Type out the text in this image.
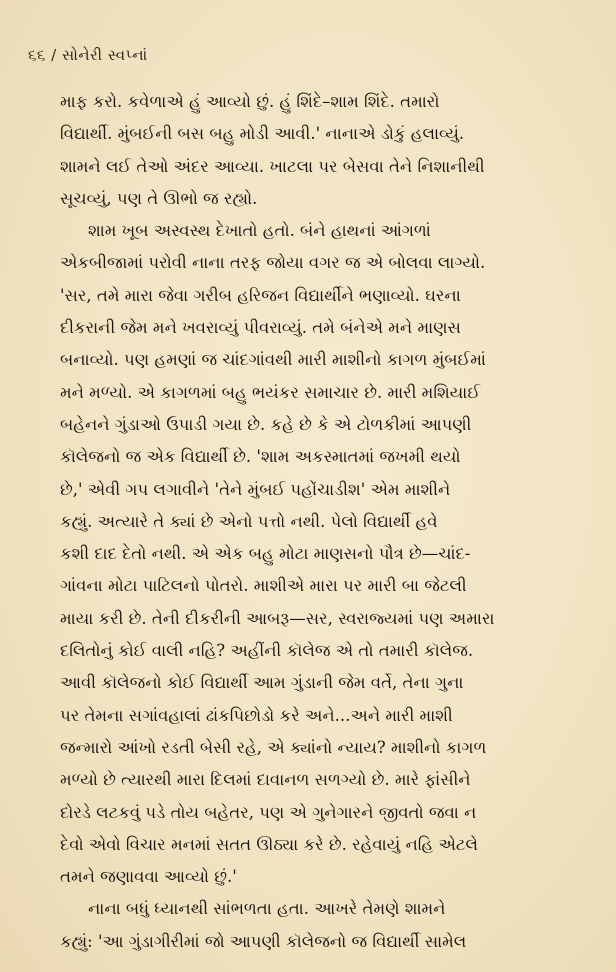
૬૬ / સોનેરી સ્વપ્નાં
માફ કરો. કવેળાએ હું આવ્યો છું. હું શિંદે–શામ શિંદે. તમારો
વિદ્યાર્થી. મુંબઈની બસ બહુ મોડી આવી.' નાનાએ ડોકું હલાવ્યું.
શામને લઈ તેઓ અંદર આવ્યા. ખાટલા પર બેસવા તેને નિશાનીથી
સૂચવ્યું, પણ તે ઊભો જ રહ્યો.
શામ ખૂબ અસ્વસ્થ દેખાતો હતો. બંને હાથનાં આંગળાં
એકબીજામાં પરોવી નાના તરફ જોયા વગર જ એ બોલવા લાગ્યો.
'સર, તમે મારા જેવા ગરીબ હરિજન વિદ્યાર્થીને ભણાવ્યો. ઘરના
દીકરાની જેમ મને ખવરાવ્યું પીવરાવ્યું. તમે બંનેએ મને માણસ
બનાવ્યો. પણ હમણાં જ ચાંદગાંવથી મારી માશીનો કાગળ મુંબઈમાં
મને મળ્યો. એ કાગળમાં બહુ ભયંકર સમાચાર છે. મારી મશિયાઈ
બહેનને ગુંડાઓ ઉપાડી ગયા છે. કહે છે કે એ ટોળકીમાં આપણી
કૉલેજનો જ એક વિદ્યાર્થી છે. 'શામ અકસ્માતમાં જખમી થયો
છે,' એવી ગપ લગાવીને 'તેને મુંબઈ પહોંચાડીશ' એમ માશીને
કહ્યું. અત્યારે તે ક્યાં છે એનો પત્તો નથી. પેલો વિદ્યાર્થી હવે
કશી દાદ દેતો નથી. એ એક બહુ મોટા માણસનો પૌત્ર છે—ચાંદ-
ગાંવના મોટા પાટિલનો પોતરો. માશીએ મારા પર મારી બા જેટલી
માયા કરી છે. તેની દીકરીની આબરૂ—સર, સ્વરાજ્યમાં પણ અમારા
દલિતોનું કોઈ વાલી નહિ? અહીંની કૉલેજ એ તો તમારી કૉલેજ.
આવી કૉલેજનો કોઈ વિદ્યાર્થી આમ ગુંડાની જેમ વર્તે, તેના ગુના
પર તેમના સગાંવહાલાં ઢાંકપિછોડો કરે અને...અને મારી માશી
જન્મારો આંખો રડતી બેસી રહે, એ ક્યાંનો ન્યાય? માશીનો કાગળ
મળ્યો છે ત્યારથી મારા દિલમાં દાવાનળ સળગ્યો છે. મારે ફાંસીને
દોરડે લટકવું પડે તોય બહેતર, પણ એ ગુનેગારને જીવતો જવા ન
દેવો એવો વિચાર મનમાં સતત ઊઠ્યા કરે છે. રહેવાયું નહિ એટલે
તમને જણાવવા આવ્યો છું.'
નાના બધું ધ્યાનથી સાંભળતા હતા. આખરે તેમણે શામને
કહ્યું: 'આ ગુંડાગીરીમાં જો આપણી કૉલેજનો જ વિદ્યાર્થી સામેલ
